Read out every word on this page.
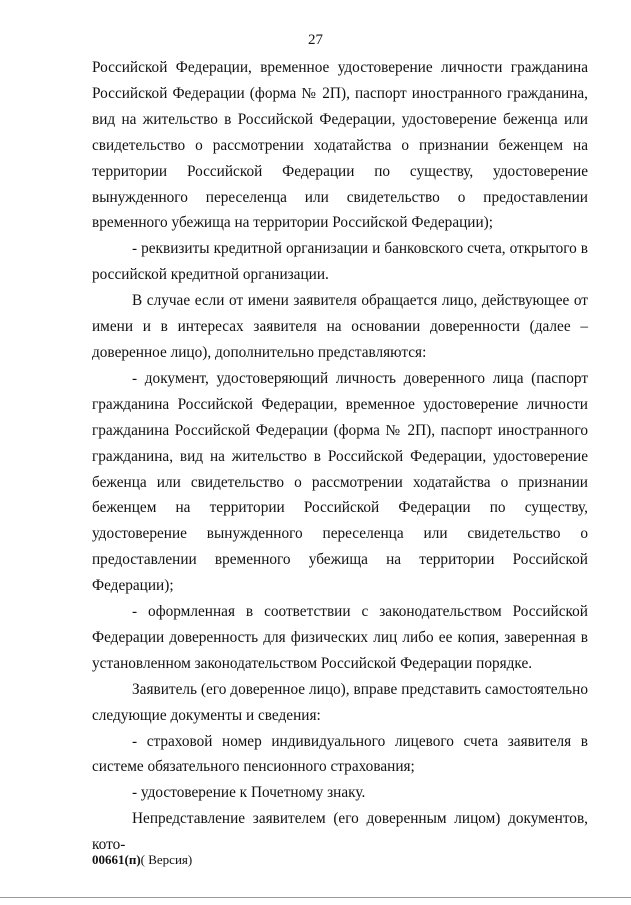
27

Российской Федерации, временное удостоверение личности гражданина Российской Федерации (форма № 2П), паспорт иностранного гражданина, вид на жительство в Российской Федерации, удостоверение беженца или свидетельство о рассмотрении ходатайства о признании беженцем на территории Российской Федерации по существу, удостоверение вынужденного переселенца или свидетельство о предоставлении временного убежища на территории Российской Федерации);

- реквизиты кредитной организации и банковского счета, открытого в российской кредитной организации.

В случае если от имени заявителя обращается лицо, действующее от имени и в интересах заявителя на основании доверенности (далее – доверенное лицо), дополнительно представляются:

- документ, удостоверяющий личность доверенного лица (паспорт гражданина Российской Федерации, временное удостоверение личности гражданина Российской Федерации (форма № 2П), паспорт иностранного гражданина, вид на жительство в Российской Федерации, удостоверение беженца или свидетельство о рассмотрении ходатайства о признании беженцем на территории Российской Федерации по существу, удостоверение вынужденного переселенца или свидетельство о предоставлении временного убежища на территории Российской Федерации);

- оформленная в соответствии с законодательством Российской Федерации доверенность для физических лиц либо ее копия, заверенная в установленном законодательством Российской Федерации порядке.

Заявитель (его доверенное лицо), вправе представить самостоятельно следующие документы и сведения:

- страховой номер индивидуального лицевого счета заявителя в системе обязательного пенсионного страхования;

- удостоверение к Почетному знаку.

Непредставление заявителем (его доверенным лицом) документов, кото-

00661(п)( Версия)
